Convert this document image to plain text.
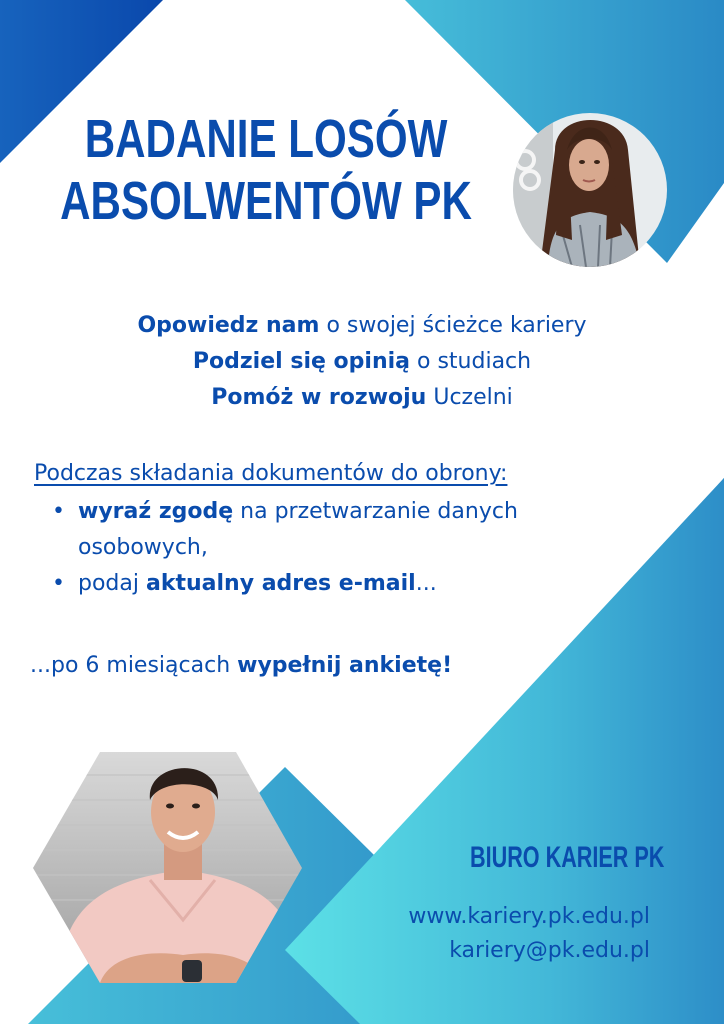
BADANIE LOSÓW
ABSOLWENTÓW PK
Opowiedz nam o swojej ścieżce kariery
Podziel się opinią o studiach
Pomóż w rozwoju Uczelni
Podczas składania dokumentów do obrony:
• wyraź zgodę na przetwarzanie danych osobowych,
• podaj aktualny adres e-mail...
...po 6 miesiącach wypełnij ankietę!
BIURO KARIER PK
www.kariery.pk.edu.pl
kariery@pk.edu.pl
